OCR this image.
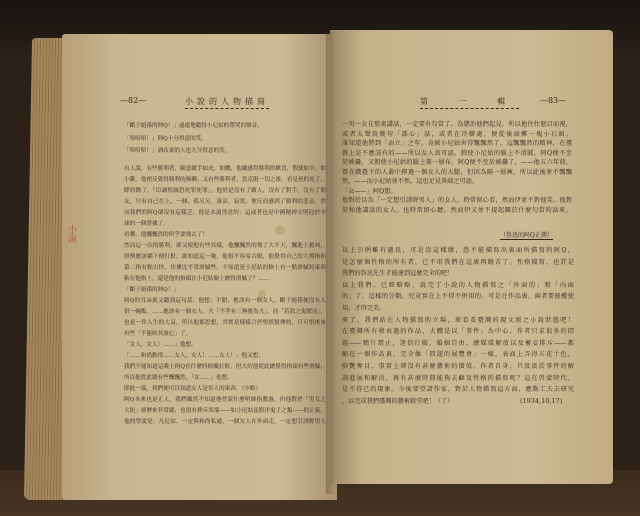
小說
—82—	小說的人物描寫	第 一 輯	—83—
「斷子絕孫的阿Q！」遠遠地聽得小尼姑的帶哭的聲音。
「哈哈哈！」阿Q十分得意的笑。
「哈哈哈！」酒店裏的人也九分得意的笑。
有人說，有些勝利者，願意敵手如虎，如鷹，他纔感得勝利的歡喜，假使如羊，如
小雞，他便反覺得勝利的無聊。又有些勝利者，當克服一切之後，看見死的死了，
降的降了，「臣誠惶誠恐死罪死罪」，他於是沒有了敵人，沒有了對手，沒有了朋
友，只有自己在上，一個，孤另另，淒涼，寂寞，便反而感到了勝利的悲哀。然
而我們的阿Q卻沒有這樣乏，他是永遠得意的：這或者也是中國精神文明冠於全
球的一個證據了。
看哪，他飄飄然的似乎要飛去了！
然而這一次的勝利，卻又使他有些異樣。他飄飄然的飛了大半天，飄進土穀祠，
照例應該躺下便打鼾。誰知道這一晚，他很不容易合眼，他覺得自己的大拇指和
第二指有點古怪，彷彿比平常滑膩些。不知道是小尼姑的臉上有一點滑膩的東西
粘在他指上，還是他的指頭在小尼姑臉上磨得滑膩了？……
「斷子絕孫的阿Q！」
阿Q的耳朵裏又聽到這句話。他想：不錯，應該有一個女人，斷子絕孫便沒有人
供一碗飯，……應該有一個女人。夫「不孝有三無後為大」，而「若敖之鬼餒而」，
也是一件人生的大哀，所以他那思想，其實是樣樣合於聖經賢傳的，只可惜後來
有些「不能收其放心」了。
「女人，女人！……」他想。
「……和尚動得……女人，女人！……女人！」他又想。
我們不能知道這晚上阿Q在什麼時候纔打鼾。但大約他從此總覺得指頭有些滑膩，
所以他從此總有些飄飄然，「女……」他想。
即此一端，我們便可以知道女人是害人的東西。（中略）
阿Q本來也是正人，我們雖然不知道他曾蒙什麼明師指教過，但他對於「男女之
大防」卻歷來非常嚴，也很有排斥異端——如小尼姑及假洋鬼子之類——的正氣。
他的學說是：凡尼姑，一定與和尚私通，一個女人在外面走，一定想引誘野男人
一男一女在那裏講話，一定要有勾當了。為懲治他們起見，所以他往往怒目而視，
或者大聲說幾句「誅心」話，或者在冷僻處，便從後面擲一塊小石頭。
誰知道他將到「而立」之年，竟被小尼姑害得飄飄然了。這飄飄然的精神，在禮
教上是不應該有的——所以女人真可惡，假使小尼姑的臉上不滑膩，阿Q便不至
於被蠱，又假使小尼姑的臉上蓋一層布，阿Q便不至於被蠱了，——他五六年前，
曾在戲臺下的人叢中擰過一個女人的大腿，但因為隔一層褲，所以此後並不飄飄
然，——而小尼姑並不然，這也足見異端之可惡。
「女——」阿Q想。
他對於以為「一定想引誘野男人」的女人，時常留心看，然而伊並不對他笑。他對
於和他講話的女人，也時常留心聽，然而伊又並不提起關於什麼勾當的話來。
（魯迅的阿Q正傳）
以上引例雖有過長，可是沒這樣做，恐不能描寫出裏面所描寫的阿Q，
是怎麼個性格的所有者，已不用我們在這裏再饒舌了。性格描寫，也許是
我們的魯迅先生才能達到這麼完全的吧！
以上我們，已經略略，說完了小說的人物描寫之「外面的」和「內面
的」了。這樣的分類，究竟實在上不得不併用的。可是在作品裏，兩者要能權使
用，才得完美。
來了，我們站在人物描寫的立場，來看看臺灣的現文壇之小說狀態吧！
在臺灣所有發表過的作品，大體是以「事件」為中心。作者只求很多的問
題——鴉片禁止，迷信打破，婚姻自由，總媒媒解放以及蓄妾排斥——都
縮在一個作品裏，完全像「問題的展覽會」一樣，表面上弄得五花十色，
鮮艷奪目，事實上卻沒有甚麼藝術的價值。作者自身，只汲汲於事件的解
剖進展和解決，再有甚麼時間能夠去顧及性格的描寫呢？這在啓蒙時代，
是不得已的現象。今後要望諸作家，對於人物描寫這方面，應點工夫去研究
，以完成我們臺灣的藝術殿堂吧！（了）	(1934,10,17)
